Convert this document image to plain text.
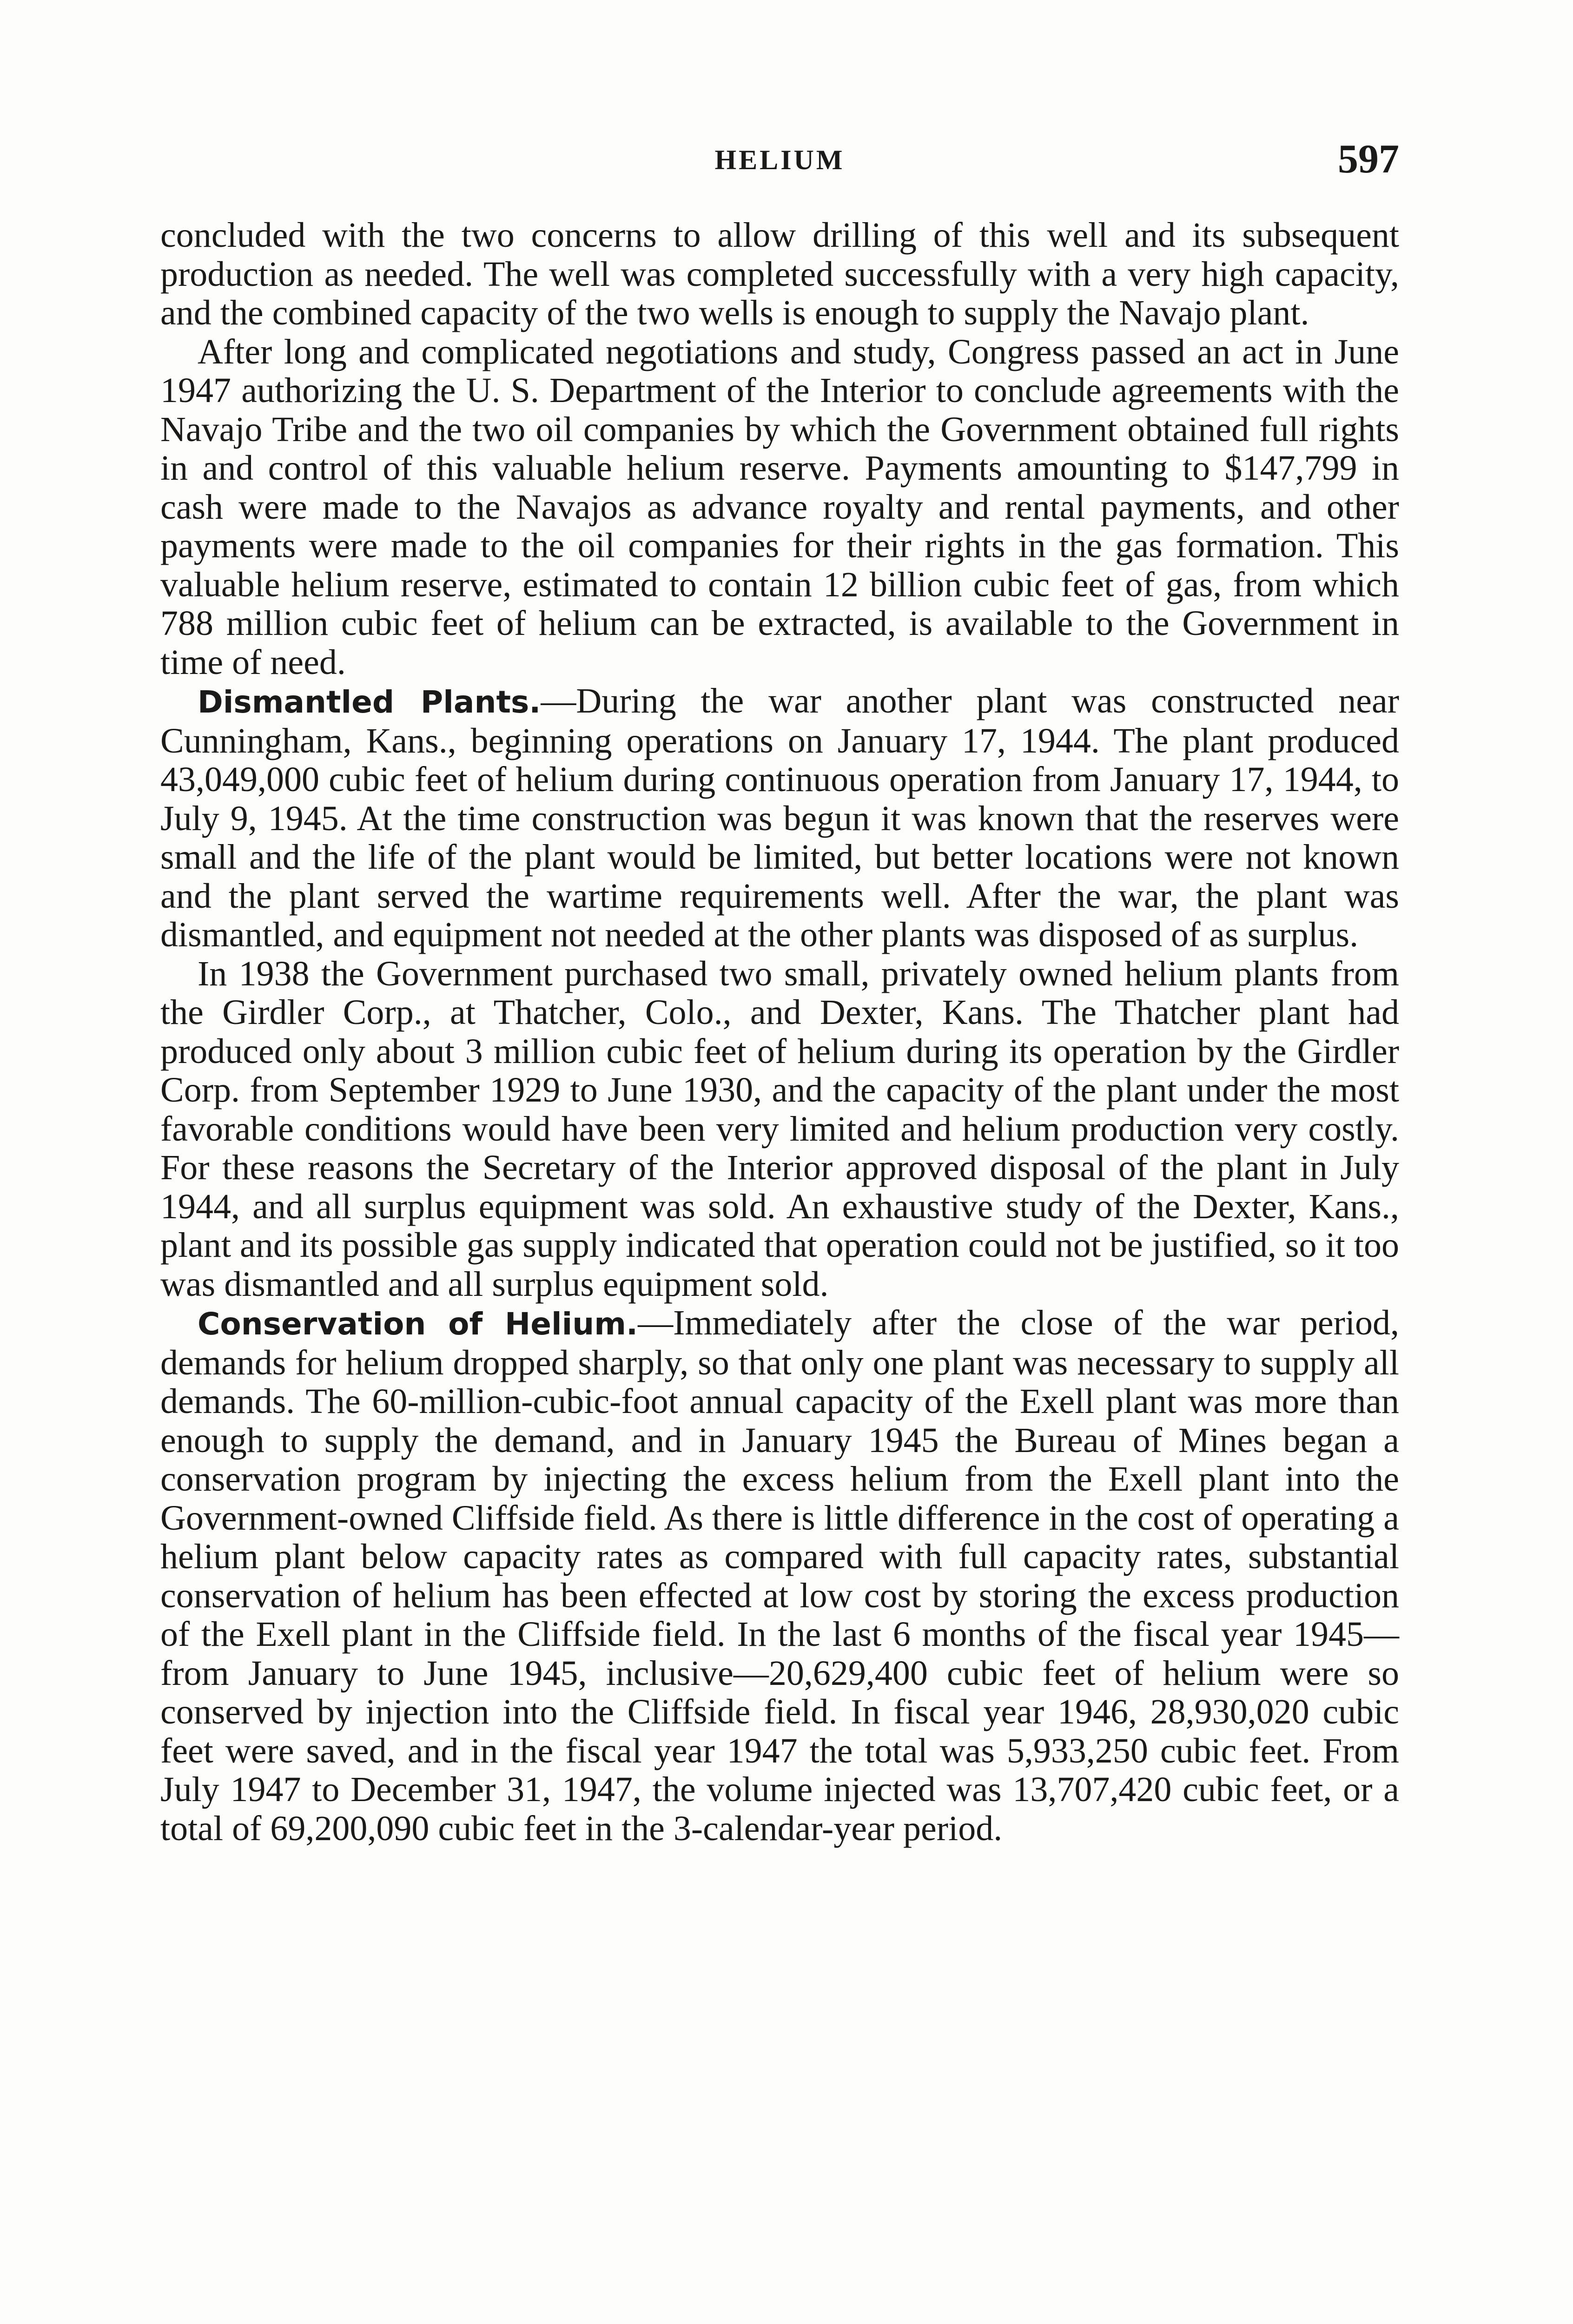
HELIUM	597

concluded with the two concerns to allow drilling of this well and its subsequent production as needed. The well was completed successfully with a very high capacity, and the combined capacity of the two wells is enough to supply the Navajo plant.

After long and complicated negotiations and study, Congress passed an act in June 1947 authorizing the U. S. Department of the Interior to conclude agreements with the Navajo Tribe and the two oil companies by which the Government obtained full rights in and control of this valuable helium reserve. Payments amounting to $147,799 in cash were made to the Navajos as advance royalty and rental payments, and other payments were made to the oil companies for their rights in the gas formation. This valuable helium reserve, estimated to contain 12 billion cubic feet of gas, from which 788 million cubic feet of helium can be extracted, is available to the Government in time of need.

Dismantled Plants.—During the war another plant was constructed near Cunningham, Kans., beginning operations on January 17, 1944. The plant produced 43,049,000 cubic feet of helium during continuous operation from January 17, 1944, to July 9, 1945. At the time construction was begun it was known that the reserves were small and the life of the plant would be limited, but better locations were not known and the plant served the wartime requirements well. After the war, the plant was dismantled, and equipment not needed at the other plants was disposed of as surplus.

In 1938 the Government purchased two small, privately owned helium plants from the Girdler Corp., at Thatcher, Colo., and Dexter, Kans. The Thatcher plant had produced only about 3 million cubic feet of helium during its operation by the Girdler Corp. from September 1929 to June 1930, and the capacity of the plant under the most favorable conditions would have been very limited and helium production very costly. For these reasons the Secretary of the Interior approved disposal of the plant in July 1944, and all surplus equipment was sold. An exhaustive study of the Dexter, Kans., plant and its possible gas supply indicated that operation could not be justified, so it too was dismantled and all surplus equipment sold.

Conservation of Helium.—Immediately after the close of the war period, demands for helium dropped sharply, so that only one plant was necessary to supply all demands. The 60-million-cubic-foot annual capacity of the Exell plant was more than enough to supply the demand, and in January 1945 the Bureau of Mines began a conservation program by injecting the excess helium from the Exell plant into the Government-owned Cliffside field. As there is little difference in the cost of operating a helium plant below capacity rates as compared with full capacity rates, substantial conservation of helium has been effected at low cost by storing the excess production of the Exell plant in the Cliffside field. In the last 6 months of the fiscal year 1945—from January to June 1945, inclusive—20,629,400 cubic feet of helium were so conserved by injection into the Cliffside field. In fiscal year 1946, 28,930,020 cubic feet were saved, and in the fiscal year 1947 the total was 5,933,250 cubic feet. From July 1947 to December 31, 1947, the volume injected was 13,707,420 cubic feet, or a total of 69,200,090 cubic feet in the 3-calendar-year period.
